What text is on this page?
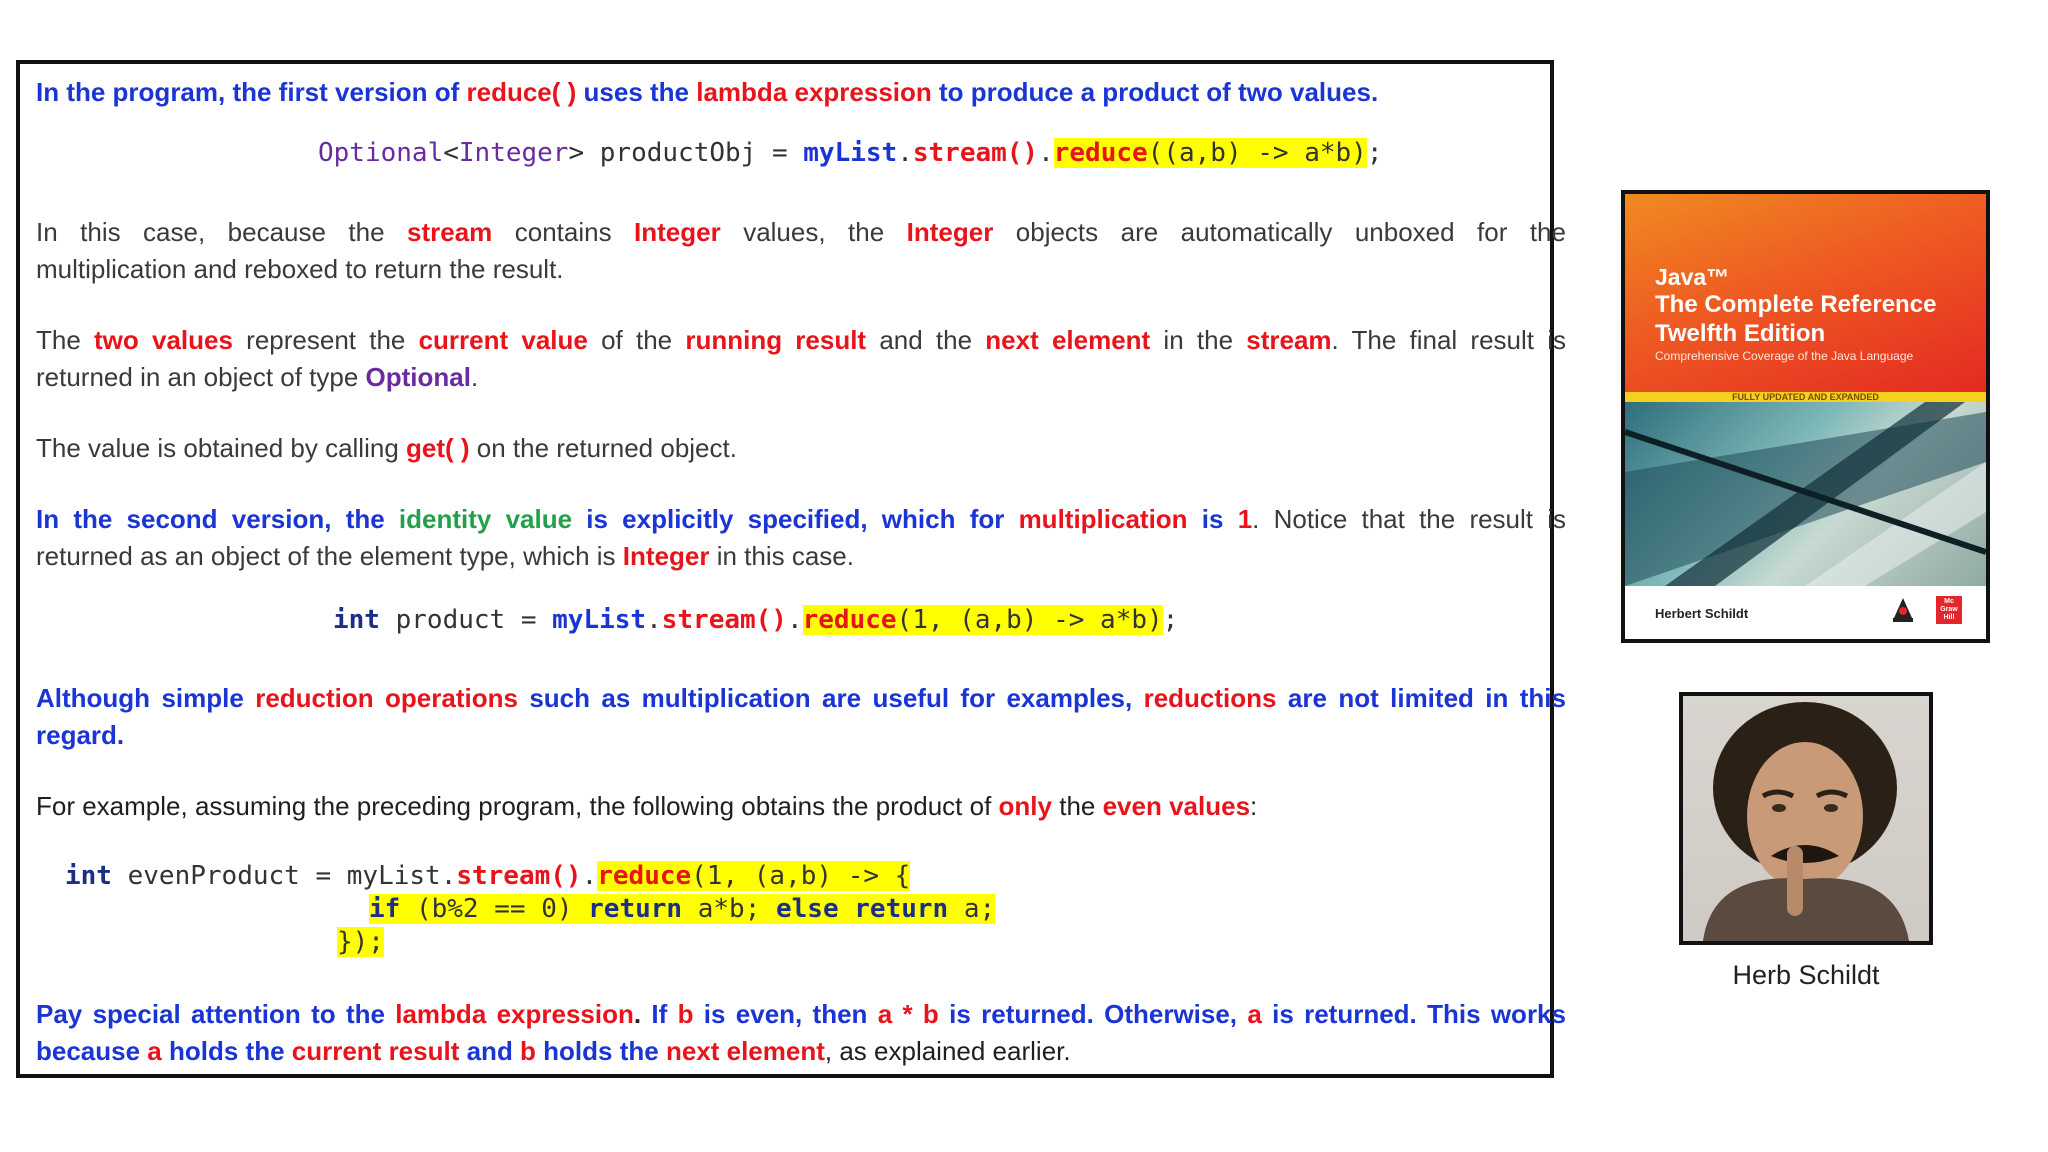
In the program, the first version of reduce( ) uses the lambda expression to produce a product of two values.
Optional<Integer> productObj = myList.stream().reduce((a,b) -> a*b);
In this case, because the stream contains Integer values, the Integer objects are automatically unboxed for the
multiplication and reboxed to return the result.
The two values represent the current value of the running result and the next element in the stream. The final result is
returned in an object of type Optional.
The value is obtained by calling get( ) on the returned object.
In the second version, the identity value is explicitly specified, which for multiplication is 1. Notice that the result is
returned as an object of the element type, which is Integer in this case.
int product = myList.stream().reduce(1, (a,b) -> a*b);
Although simple reduction operations such as multiplication are useful for examples, reductions are not limited in this
regard.
For example, assuming the preceding program, the following obtains the product of only the even values:
int evenProduct = myList.stream().reduce(1, (a,b) -> {
if (b%2 == 0) return a*b; else return a;
});
Pay special attention to the lambda expression. If b is even, then a * b is returned. Otherwise, a is returned. This works
because a holds the current result and b holds the next element, as explained earlier.
Java™
The Complete Reference Twelfth Edition
Comprehensive Coverage of the Java Language
FULLY UPDATED AND EXPANDED
Herbert Schildt
Mc Graw Hill
Herb Schildt
